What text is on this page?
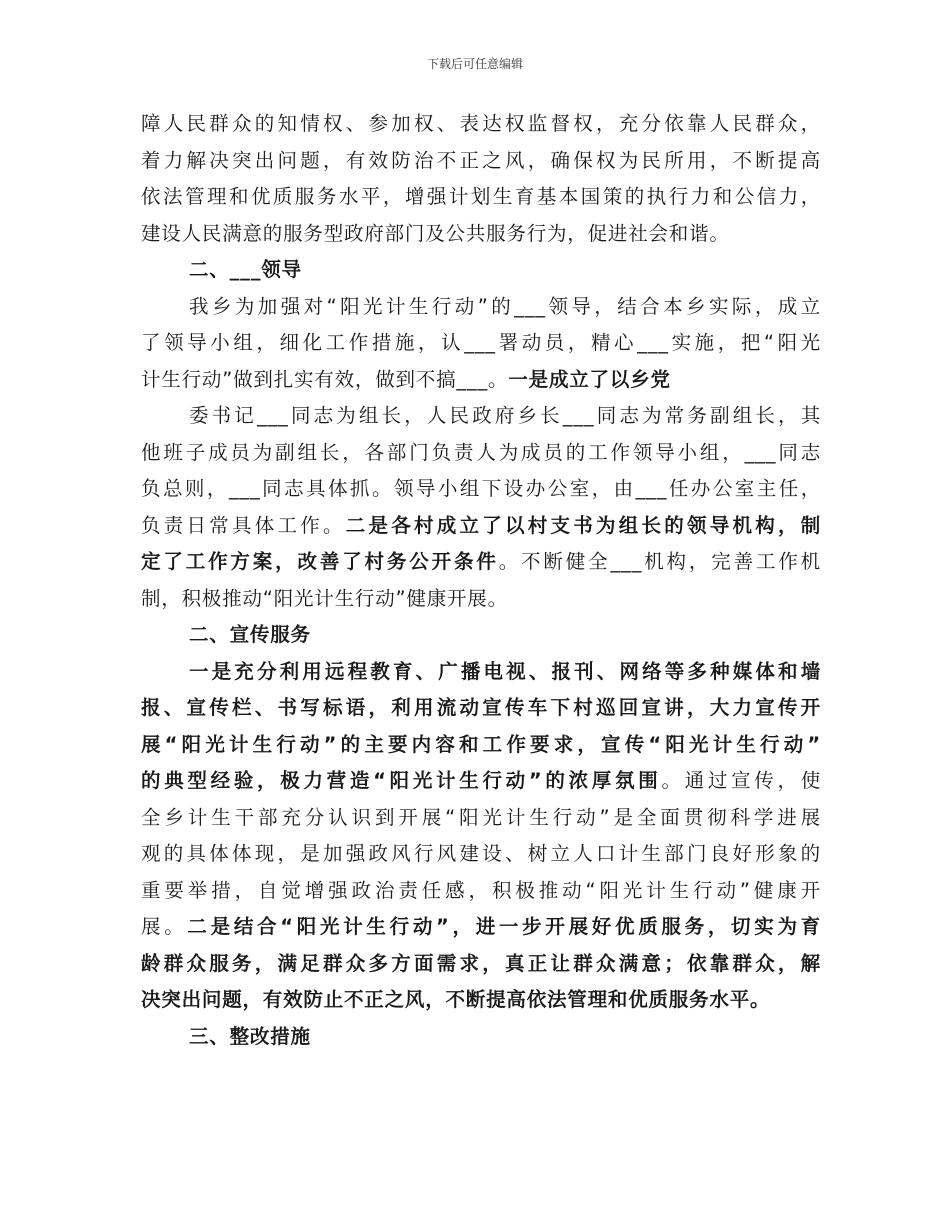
下载后可任意编辑
障人民群众的知情权、参加权、表达权监督权，充分依靠人民群众，
着力解决突出问题，有效防治不正之风，确保权为民所用，不断提高
依法管理和优质服务水平，增强计划生育基本国策的执行力和公信力，
建设人民满意的服务型政府部门及公共服务行为，促进社会和谐。
二、___领导
我乡为加强对“阳光计生行动”的___领导，结合本乡实际，成立
了领导小组，细化工作措施，认___署动员，精心___实施，把“阳光
计生行动”做到扎实有效，做到不搞___。一是成立了以乡党
委书记___同志为组长，人民政府乡长___同志为常务副组长，其
他班子成员为副组长，各部门负责人为成员的工作领导小组，___同志
负总则，___同志具体抓。领导小组下设办公室，由___任办公室主任，
负责日常具体工作。二是各村成立了以村支书为组长的领导机构，制
定了工作方案，改善了村务公开条件。不断健全___机构，完善工作机
制，积极推动“阳光计生行动”健康开展。
二、宣传服务
一是充分利用远程教育、广播电视、报刊、网络等多种媒体和墙
报、宣传栏、书写标语，利用流动宣传车下村巡回宣讲，大力宣传开
展“阳光计生行动”的主要内容和工作要求，宣传“阳光计生行动”
的典型经验，极力营造“阳光计生行动”的浓厚氛围。通过宣传，使
全乡计生干部充分认识到开展“阳光计生行动”是全面贯彻科学进展
观的具体体现，是加强政风行风建设、树立人口计生部门良好形象的
重要举措，自觉增强政治责任感，积极推动“阳光计生行动”健康开
展。二是结合“阳光计生行动”，进一步开展好优质服务，切实为育
龄群众服务，满足群众多方面需求，真正让群众满意；依靠群众，解
决突出问题，有效防止不正之风，不断提高依法管理和优质服务水平。
三、整改措施
